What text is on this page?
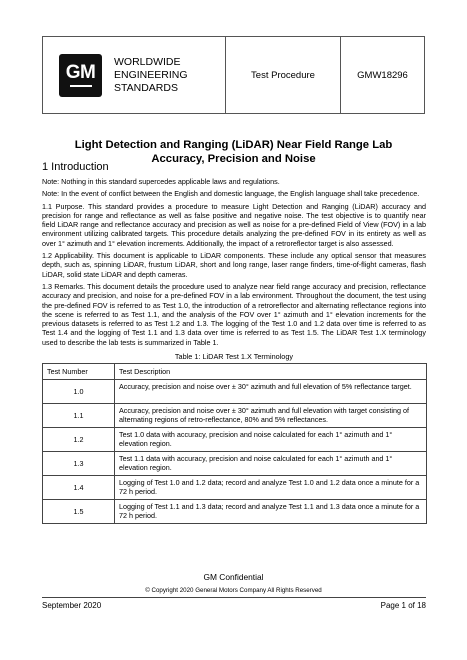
GM
WORLDWIDE
ENGINEERING
STANDARDS
Test Procedure	GMW18296
Light Detection and Ranging (LiDAR) Near Field Range Lab
Accuracy, Precision and Noise
1 Introduction

Note: Nothing in this standard supercedes applicable laws and regulations.

Note: In the event of conflict between the English and domestic language, the English language shall take precedence.

1.1 Purpose. This standard provides a procedure to measure Light Detection and Ranging (LiDAR) accuracy and precision for range and reflectance as well as false positive and negative noise. The test objective is to quantify near field LiDAR range and reflectance accuracy and precision as well as noise for a pre-defined Field of View (FOV) in a lab environment utilizing calibrated targets. This procedure details analyzing the pre-defined FOV in its entirety as well as over 1° azimuth and 1° elevation increments. Additionally, the impact of a retroreflector target is also assessed.

1.2 Applicability. This document is applicable to LiDAR components. These include any optical sensor that measures depth, such as, spinning LiDAR, frustum LiDAR, short and long range, laser range finders, time-of-flight cameras, flash LiDAR, solid state LiDAR and depth cameras.

1.3 Remarks. This document details the procedure used to analyze near field range accuracy and precision, reflectance accuracy and precision, and noise for a pre-defined FOV in a lab environment. Throughout the document, the test using the pre-defined FOV is referred to as Test 1.0, the introduction of a retroreflector and alternating reflectance regions into the scene is referred to as Test 1.1, and the analysis of the FOV over 1° azimuth and 1° elevation increments for the previous datasets is referred to as Test 1.2 and 1.3. The logging of the Test 1.0 and 1.2 data over time is referred to as Test 1.4 and the logging of Test 1.1 and 1.3 data over time is referred to as Test 1.5. The LiDAR Test 1.X terminology used to describe the lab tests is summarized in Table 1.

Table 1: LiDAR Test 1.X Terminology
Test Number	Test Description
1.0	Accuracy, precision and noise over ± 30° azimuth and full elevation of 5% reflectance target.
1.1	Accuracy, precision and noise over ± 30° azimuth and full elevation with target consisting of alternating regions of retro-reflectance, 80% and 5% reflectances.
1.2	Test 1.0 data with accuracy, precision and noise calculated for each 1° azimuth and 1° elevation region.
1.3	Test 1.1 data with accuracy, precision and noise calculated for each 1° azimuth and 1° elevation region.
1.4	Logging of Test 1.0 and 1.2 data; record and analyze Test 1.0 and 1.2 data once a minute for a 72 h period.
1.5	Logging of Test 1.1 and 1.3 data; record and analyze Test 1.1 and 1.3 data once a minute for a 72 h period.
GM Confidential
© Copyright 2020 General Motors Company All Rights Reserved
September 2020	Page 1 of 18
